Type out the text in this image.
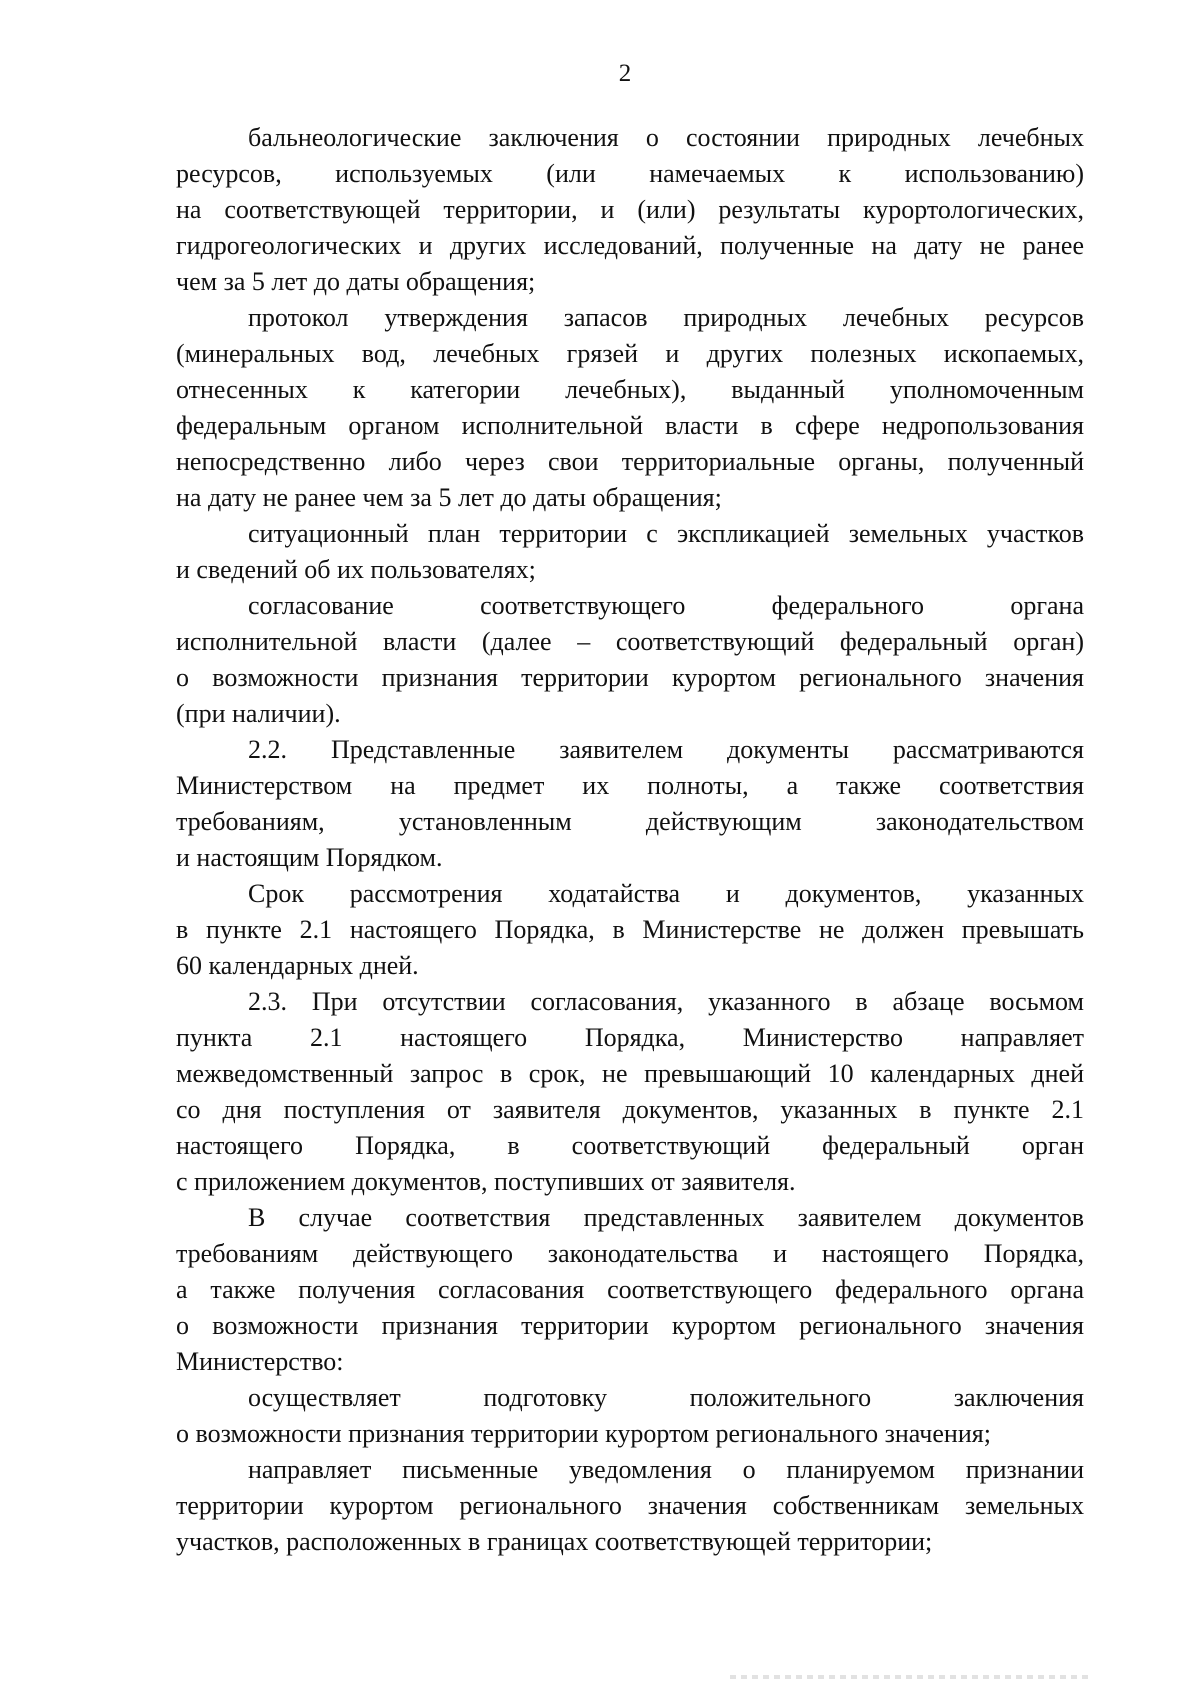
2
бальнеологические заключения о состоянии природных лечебных
ресурсов, используемых (или намечаемых к использованию)
на соответствующей территории, и (или) результаты курортологических,
гидрогеологических и других исследований, полученные на дату не ранее
чем за 5 лет до даты обращения;
протокол утверждения запасов природных лечебных ресурсов
(минеральных вод, лечебных грязей и других полезных ископаемых,
отнесенных к категории лечебных), выданный уполномоченным
федеральным органом исполнительной власти в сфере недропользования
непосредственно либо через свои территориальные органы, полученный
на дату не ранее чем за 5 лет до даты обращения;
ситуационный план территории с экспликацией земельных участков
и сведений об их пользователях;
согласование соответствующего федерального органа
исполнительной власти (далее – соответствующий федеральный орган)
о возможности признания территории курортом регионального значения
(при наличии).
2.2. Представленные заявителем документы рассматриваются
Министерством на предмет их полноты, а также соответствия
требованиям, установленным действующим законодательством
и настоящим Порядком.
Срок рассмотрения ходатайства и документов, указанных
в пункте 2.1 настоящего Порядка, в Министерстве не должен превышать
60 календарных дней.
2.3. При отсутствии согласования, указанного в абзаце восьмом
пункта 2.1 настоящего Порядка, Министерство направляет
межведомственный запрос в срок, не превышающий 10 календарных дней
со дня поступления от заявителя документов, указанных в пункте 2.1
настоящего Порядка, в соответствующий федеральный орган
с приложением документов, поступивших от заявителя.
В случае соответствия представленных заявителем документов
требованиям действующего законодательства и настоящего Порядка,
а также получения согласования соответствующего федерального органа
о возможности признания территории курортом регионального значения
Министерство:
осуществляет подготовку положительного заключения
о возможности признания территории курортом регионального значения;
направляет письменные уведомления о планируемом признании
территории курортом регионального значения собственникам земельных
участков, расположенных в границах соответствующей территории;
